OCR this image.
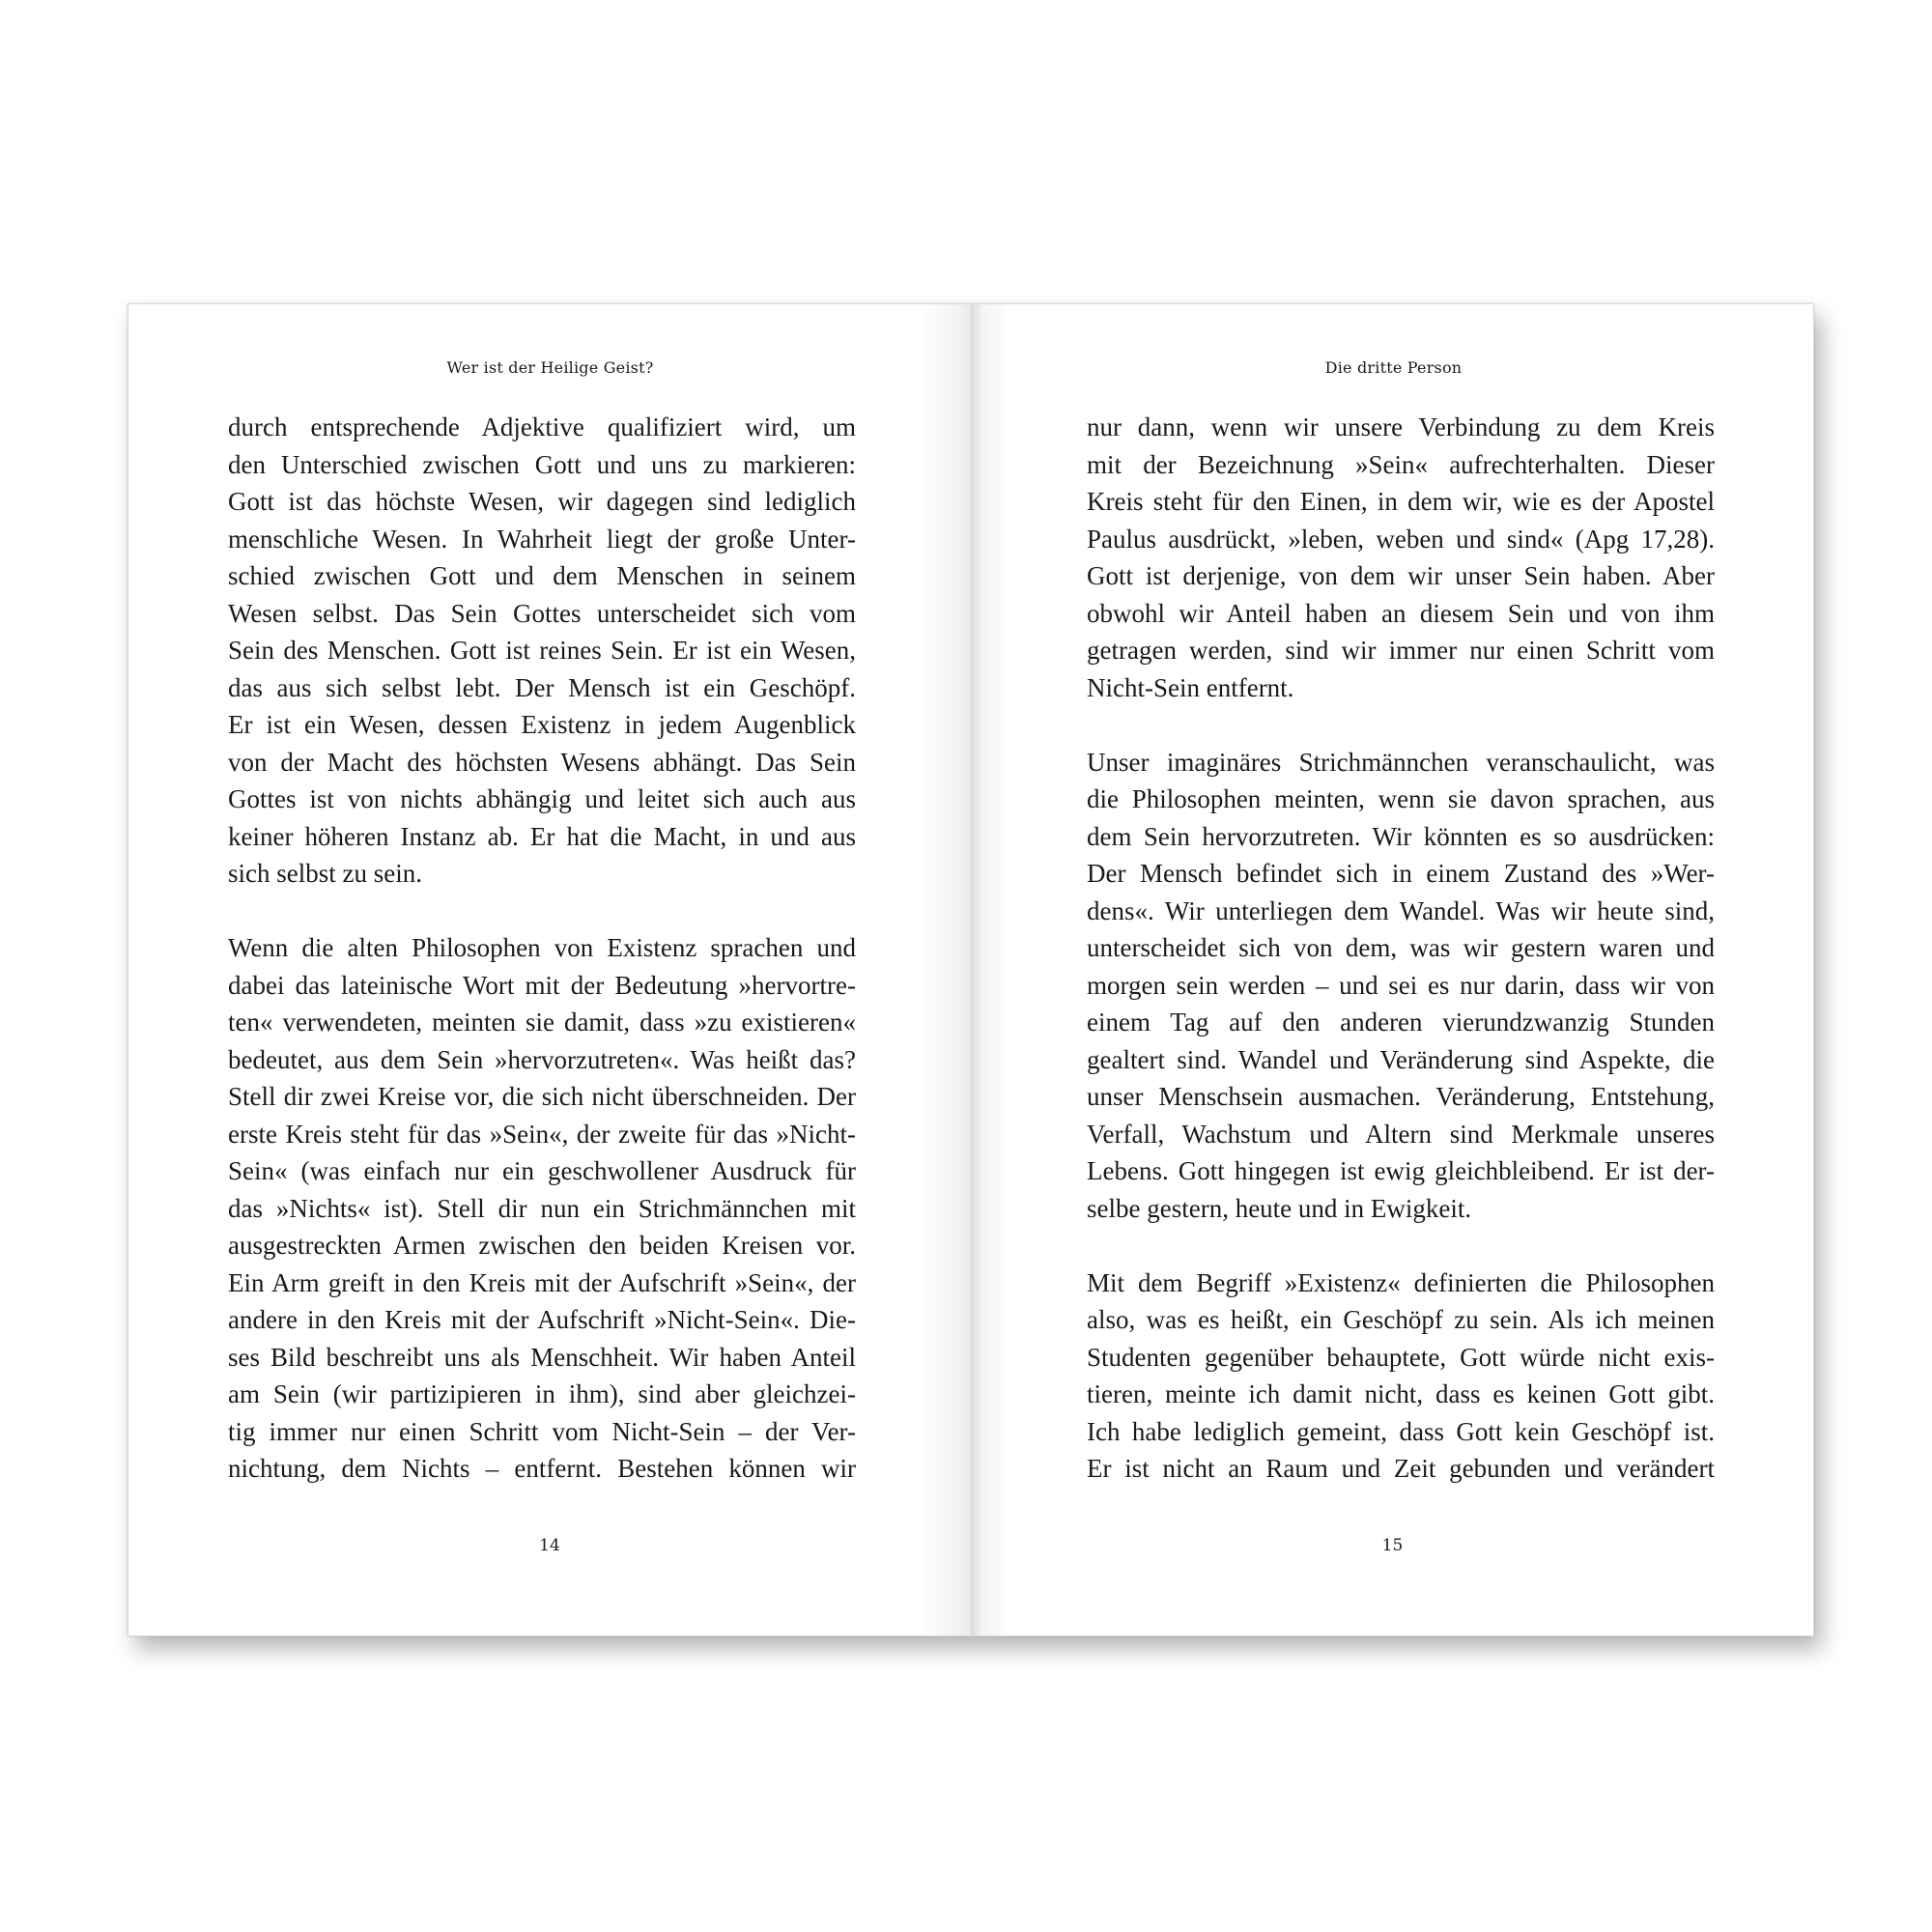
Wer ist der Heilige Geist?
durch entsprechende Adjektive qualifiziert wird, um
den Unterschied zwischen Gott und uns zu markieren:
Gott ist das höchste Wesen, wir dagegen sind lediglich
menschliche Wesen. In Wahrheit liegt der große Unter-
schied zwischen Gott und dem Menschen in seinem
Wesen selbst. Das Sein Gottes unterscheidet sich vom
Sein des Menschen. Gott ist reines Sein. Er ist ein Wesen,
das aus sich selbst lebt. Der Mensch ist ein Geschöpf.
Er ist ein Wesen, dessen Existenz in jedem Augenblick
von der Macht des höchsten Wesens abhängt. Das Sein
Gottes ist von nichts abhängig und leitet sich auch aus
keiner höheren Instanz ab. Er hat die Macht, in und aus
sich selbst zu sein.
Wenn die alten Philosophen von Existenz sprachen und
dabei das lateinische Wort mit der Bedeutung »hervortre-
ten« verwendeten, meinten sie damit, dass »zu existieren«
bedeutet, aus dem Sein »hervorzutreten«. Was heißt das?
Stell dir zwei Kreise vor, die sich nicht überschneiden. Der
erste Kreis steht für das »Sein«, der zweite für das »Nicht-
Sein« (was einfach nur ein geschwollener Ausdruck für
das »Nichts« ist). Stell dir nun ein Strichmännchen mit
ausgestreckten Armen zwischen den beiden Kreisen vor.
Ein Arm greift in den Kreis mit der Aufschrift »Sein«, der
andere in den Kreis mit der Aufschrift »Nicht-Sein«. Die-
ses Bild beschreibt uns als Menschheit. Wir haben Anteil
am Sein (wir partizipieren in ihm), sind aber gleichzei-
tig immer nur einen Schritt vom Nicht-Sein – der Ver-
nichtung, dem Nichts – entfernt. Bestehen können wir
14
Die dritte Person
nur dann, wenn wir unsere Verbindung zu dem Kreis
mit der Bezeichnung »Sein« aufrechterhalten. Dieser
Kreis steht für den Einen, in dem wir, wie es der Apostel
Paulus ausdrückt, »leben, weben und sind« (Apg 17,28).
Gott ist derjenige, von dem wir unser Sein haben. Aber
obwohl wir Anteil haben an diesem Sein und von ihm
getragen werden, sind wir immer nur einen Schritt vom
Nicht-Sein entfernt.
Unser imaginäres Strichmännchen veranschaulicht, was
die Philosophen meinten, wenn sie davon sprachen, aus
dem Sein hervorzutreten. Wir könnten es so ausdrücken:
Der Mensch befindet sich in einem Zustand des »Wer-
dens«. Wir unterliegen dem Wandel. Was wir heute sind,
unterscheidet sich von dem, was wir gestern waren und
morgen sein werden – und sei es nur darin, dass wir von
einem Tag auf den anderen vierundzwanzig Stunden
gealtert sind. Wandel und Veränderung sind Aspekte, die
unser Menschsein ausmachen. Veränderung, Entstehung,
Verfall, Wachstum und Altern sind Merkmale unseres
Lebens. Gott hingegen ist ewig gleichbleibend. Er ist der-
selbe gestern, heute und in Ewigkeit.
Mit dem Begriff »Existenz« definierten die Philosophen
also, was es heißt, ein Geschöpf zu sein. Als ich meinen
Studenten gegenüber behauptete, Gott würde nicht exis-
tieren, meinte ich damit nicht, dass es keinen Gott gibt.
Ich habe lediglich gemeint, dass Gott kein Geschöpf ist.
Er ist nicht an Raum und Zeit gebunden und verändert
15
